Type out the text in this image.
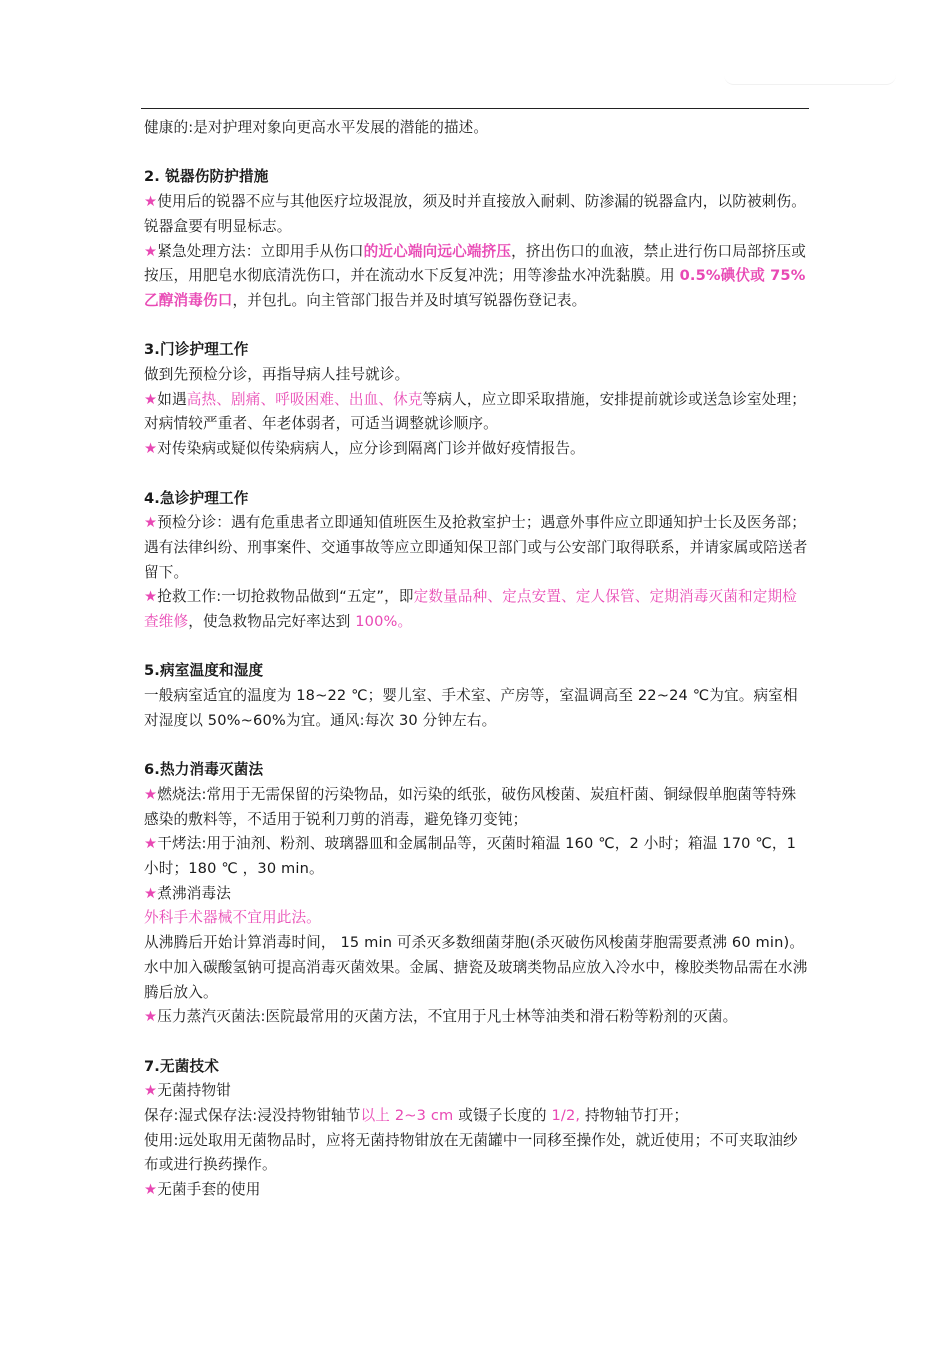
健康的:是对护理对象向更高水平发展的潜能的描述。

2. 锐器伤防护措施

★使用后的锐器不应与其他医疗垃圾混放，须及时并直接放入耐刺、防渗漏的锐器盒内，以防被刺伤。锐器盒要有明显标志。

★紧急处理方法：立即用手从伤口的近心端向远心端挤压，挤出伤口的血液，禁止进行伤口局部挤压或按压，用肥皂水彻底清洗伤口，并在流动水下反复冲洗；用等渗盐水冲洗黏膜。用 0.5%碘伏或 75%乙醇消毒伤口，并包扎。向主管部门报告并及时填写锐器伤登记表。

3.门诊护理工作

做到先预检分诊，再指导病人挂号就诊。

★如遇高热、剧痛、呼吸困难、出血、休克等病人，应立即采取措施，安排提前就诊或送急诊室处理；对病情较严重者、年老体弱者，可适当调整就诊顺序。

★对传染病或疑似传染病病人，应分诊到隔离门诊并做好疫情报告。

4.急诊护理工作

★预检分诊：遇有危重患者立即通知值班医生及抢救室护士；遇意外事件应立即通知护士长及医务部；遇有法律纠纷、刑事案件、交通事故等应立即通知保卫部门或与公安部门取得联系，并请家属或陪送者留下。

★抢救工作:一切抢救物品做到“五定”，即定数量品种、定点安置、定人保管、定期消毒灭菌和定期检查维修，使急救物品完好率达到 100%。

5.病室温度和湿度

一般病室适宜的温度为 18~22 ℃；婴儿室、手术室、产房等，室温调高至 22~24 ℃为宜。病室相对湿度以 50%~60%为宜。通风:每次 30 分钟左右。

6.热力消毒灭菌法

★燃烧法:常用于无需保留的污染物品，如污染的纸张，破伤风梭菌、炭疽杆菌、铜绿假单胞菌等特殊感染的敷料等，不适用于锐利刀剪的消毒，避免锋刃变钝；

★干烤法:用于油剂、粉剂、玻璃器皿和金属制品等，灭菌时箱温 160 ℃，2 小时；箱温 170 ℃，1 小时；180 ℃ ，30 min。

★煮沸消毒法

外科手术器械不宜用此法。

从沸腾后开始计算消毒时间， 15 min 可杀灭多数细菌芽胞(杀灭破伤风梭菌芽胞需要煮沸 60 min)。水中加入碳酸氢钠可提高消毒灭菌效果。金属、搪瓷及玻璃类物品应放入冷水中，橡胶类物品需在水沸腾后放入。

★压力蒸汽灭菌法:医院最常用的灭菌方法，不宜用于凡士林等油类和滑石粉等粉剂的灭菌。

7.无菌技术

★无菌持物钳

保存:湿式保存法:浸没持物钳轴节以上 2~3 cm 或镊子长度的 1/2, 持物轴节打开；

使用:远处取用无菌物品时，应将无菌持物钳放在无菌罐中一同移至操作处，就近使用；不可夹取油纱布或进行换药操作。

★无菌手套的使用
